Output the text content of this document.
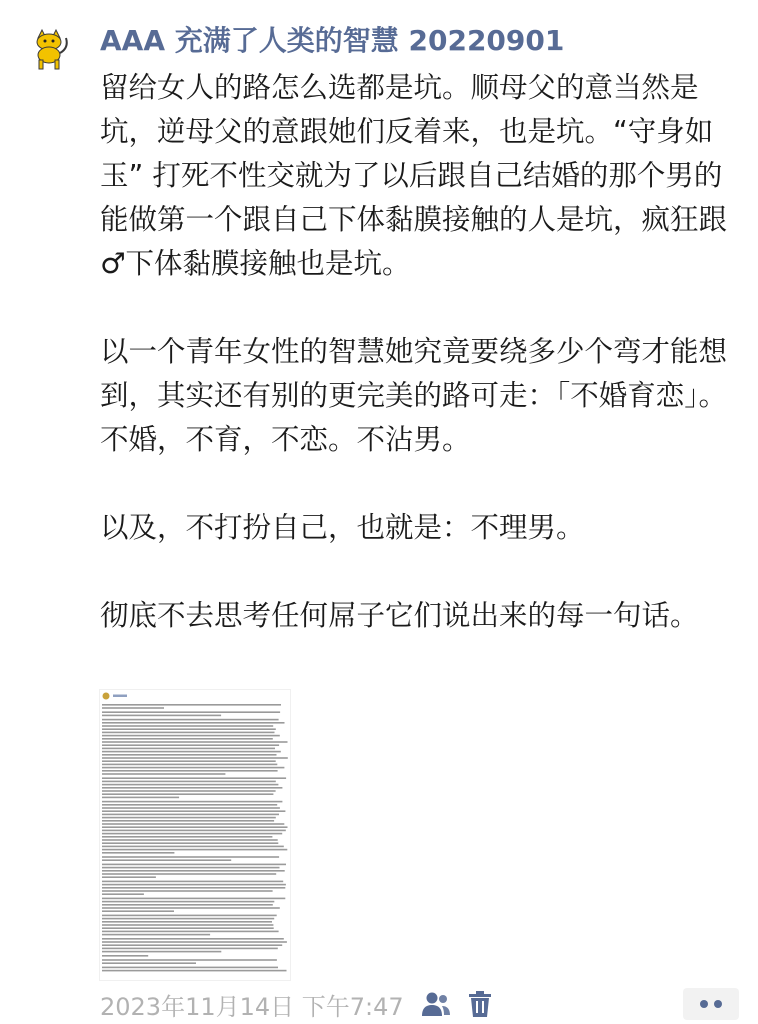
AAA 充满了人类的智慧 20220901

留给女人的路怎么选都是坑。顺母父的意当然是坑，逆母父的意跟她们反着来，也是坑。“守身如玉” 打死不性交就为了以后跟自己结婚的那个男的能做第一个跟自己下体黏膜接触的人是坑，疯狂跟♂下体黏膜接触也是坑。

以一个青年女性的智慧她究竟要绕多少个弯才能想到，其实还有别的更完美的路可走：「不婚育恋」。不婚，不育，不恋。不沾男。

以及，不打扮自己，也就是：不理男。

彻底不去思考任何屌子它们说出来的每一句话。

2023年11月14日 下午7:47
